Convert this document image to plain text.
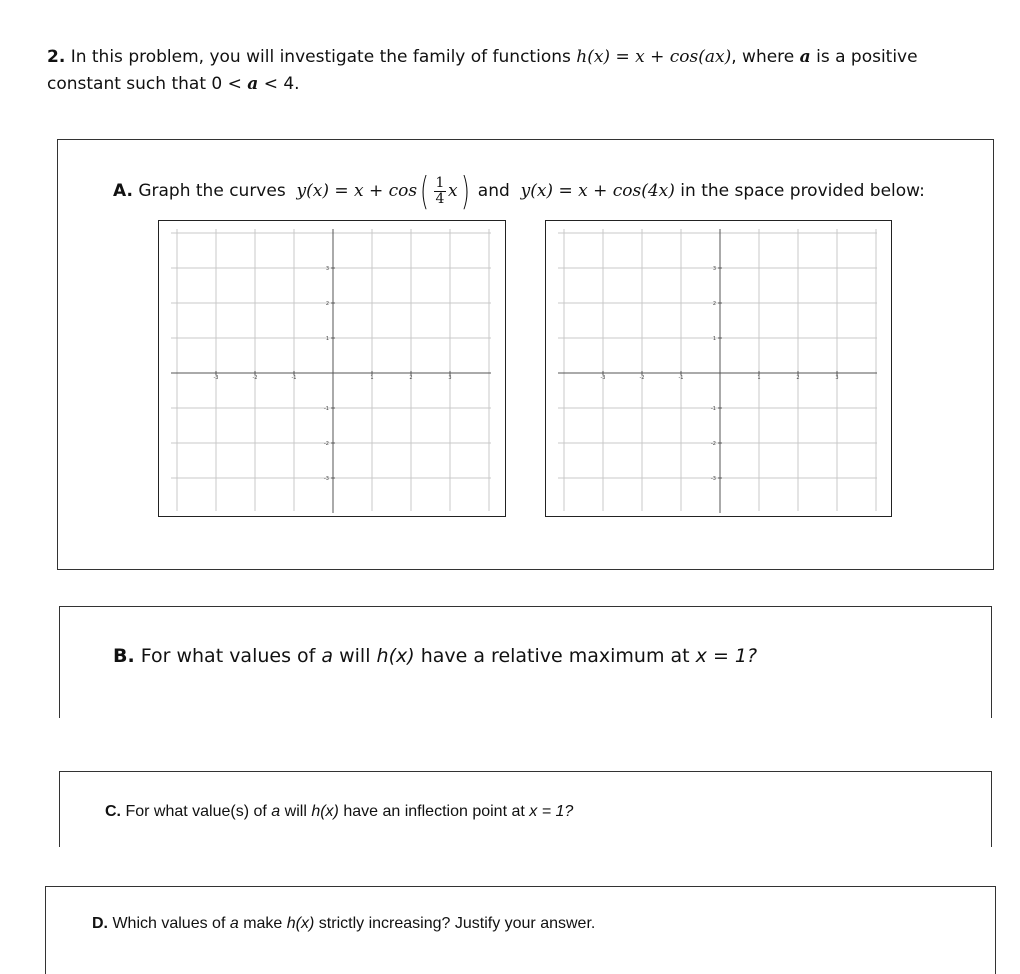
2. In this problem, you will investigate the family of functions h(x) = x + cos(ax), where a is a positive constant such that 0 < a < 4.
A.
Graph the curves
y(x) = x + cos ( $\frac{1}{4}$ x )
and
y(x) = x + cos(4x)
in the space provided below:
-3	-2	-1	1	2	3
3
2
1
-1
-2
-3
-3	-2	-1	1	2	3
3
2
1
-1
-2
-3
B. For what values of a will h(x) have a relative maximum at x = 1?
C. For what value(s) of a will h(x) have an inflection point at x = 1?
D. Which values of a make h(x) strictly increasing? Justify your answer.
